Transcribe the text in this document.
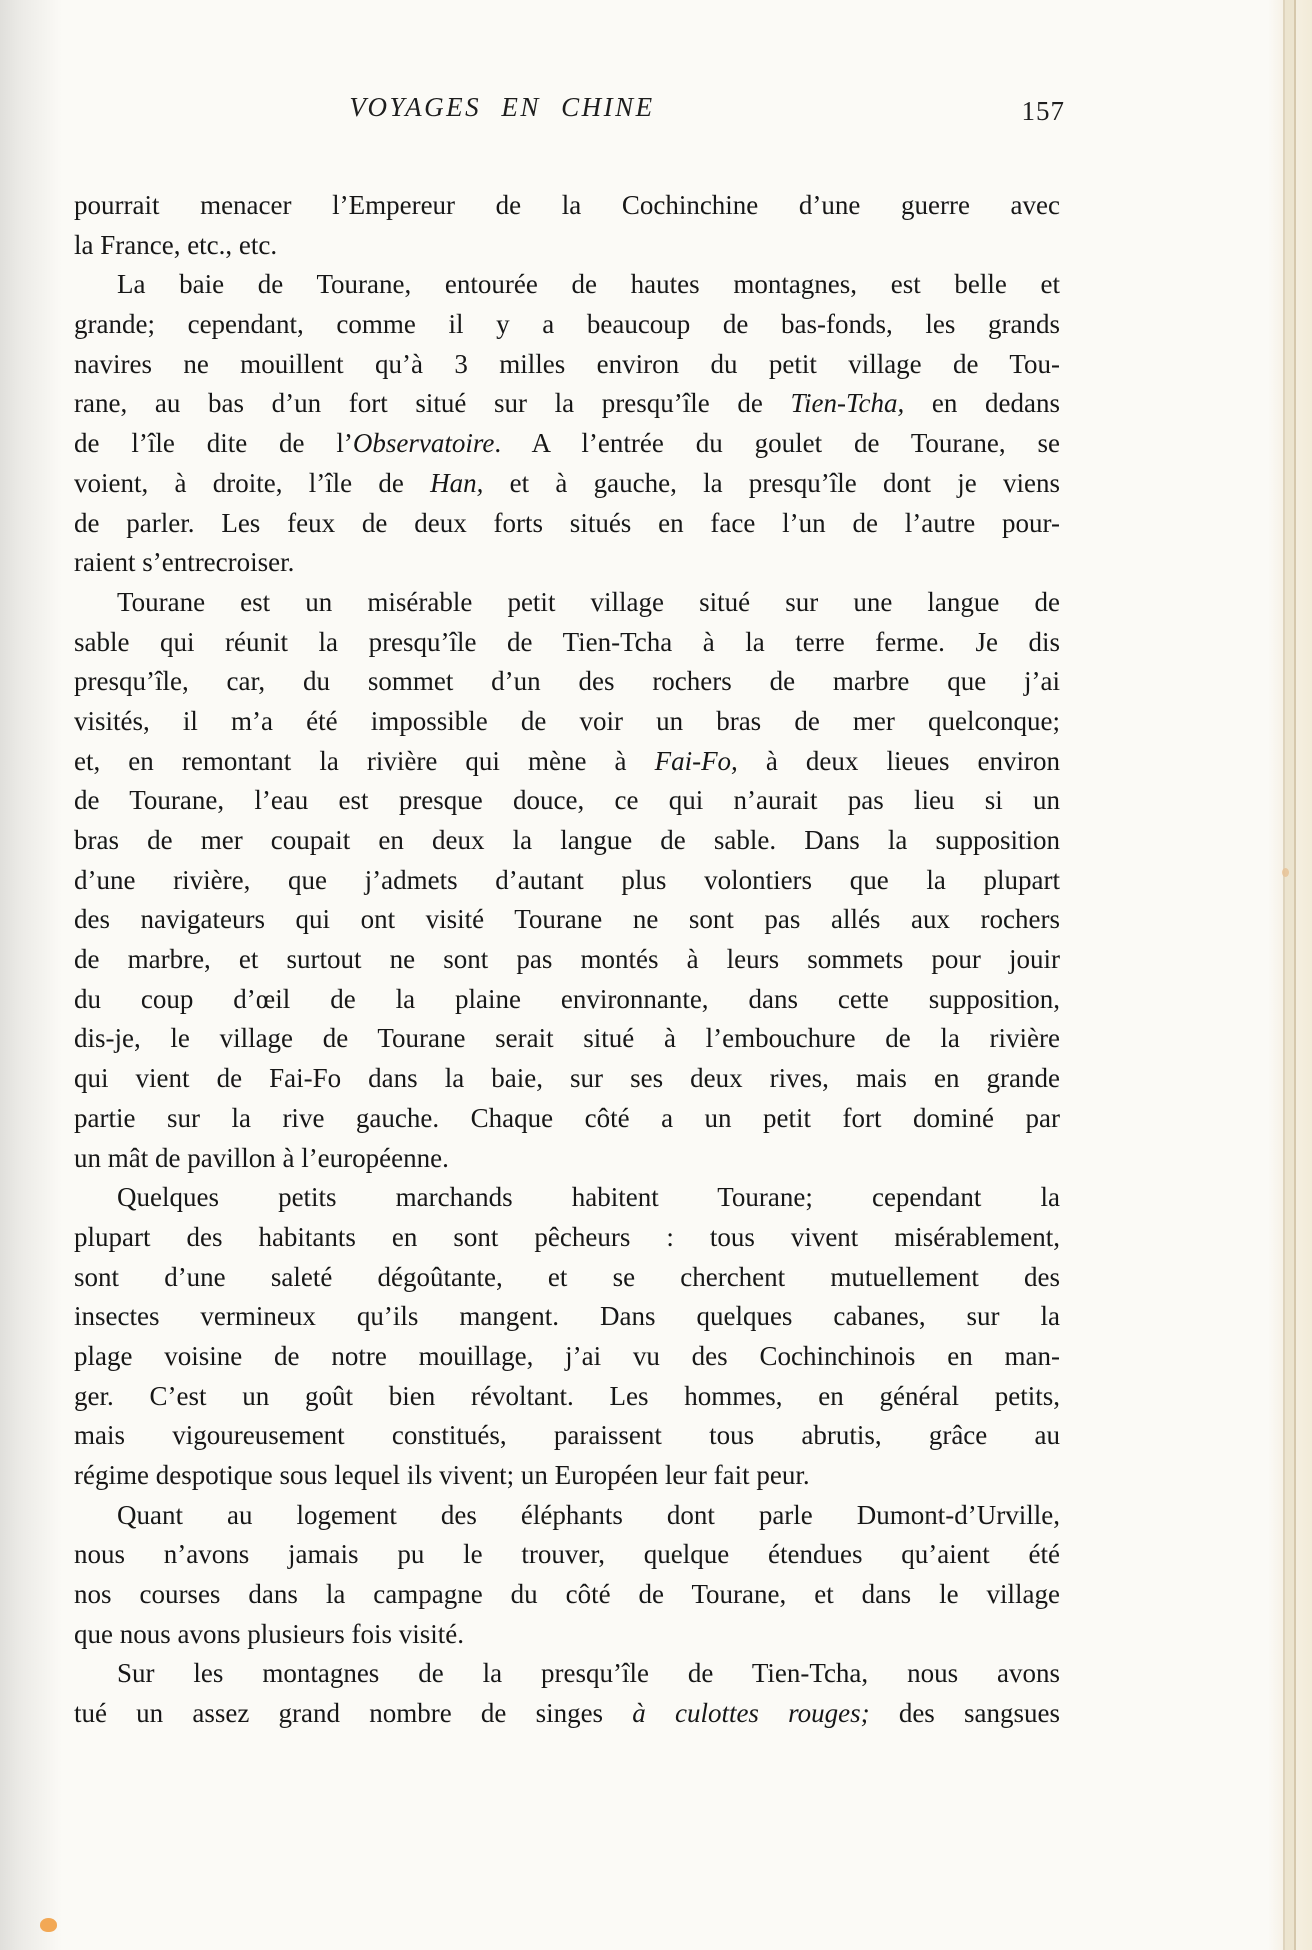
VOYAGES EN CHINE	157
pourrait menacer l’Empereur de la Cochinchine d’une guerre avec
la France, etc., etc.
La baie de Tourane, entourée de hautes montagnes, est belle et
grande; cependant, comme il y a beaucoup de bas-fonds, les grands
navires ne mouillent qu’à 3 milles environ du petit village de Tou-
rane, au bas d’un fort situé sur la presqu’île de Tien-Tcha, en dedans
de l’île dite de l’Observatoire. A l’entrée du goulet de Tourane, se
voient, à droite, l’île de Han, et à gauche, la presqu’île dont je viens
de parler. Les feux de deux forts situés en face l’un de l’autre pour-
raient s’entrecroiser.
Tourane est un misérable petit village situé sur une langue de
sable qui réunit la presqu’île de Tien-Tcha à la terre ferme. Je dis
presqu’île, car, du sommet d’un des rochers de marbre que j’ai
visités, il m’a été impossible de voir un bras de mer quelconque;
et, en remontant la rivière qui mène à Fai-Fo, à deux lieues environ
de Tourane, l’eau est presque douce, ce qui n’aurait pas lieu si un
bras de mer coupait en deux la langue de sable. Dans la supposition
d’une rivière, que j’admets d’autant plus volontiers que la plupart
des navigateurs qui ont visité Tourane ne sont pas allés aux rochers
de marbre, et surtout ne sont pas montés à leurs sommets pour jouir
du coup d’œil de la plaine environnante, dans cette supposition,
dis-je, le village de Tourane serait situé à l’embouchure de la rivière
qui vient de Fai-Fo dans la baie, sur ses deux rives, mais en grande
partie sur la rive gauche. Chaque côté a un petit fort dominé par
un mât de pavillon à l’européenne.
Quelques petits marchands habitent Tourane; cependant la
plupart des habitants en sont pêcheurs : tous vivent misérablement,
sont d’une saleté dégoûtante, et se cherchent mutuellement des
insectes vermineux qu’ils mangent. Dans quelques cabanes, sur la
plage voisine de notre mouillage, j’ai vu des Cochinchinois en man-
ger. C’est un goût bien révoltant. Les hommes, en général petits,
mais vigoureusement constitués, paraissent tous abrutis, grâce au
régime despotique sous lequel ils vivent; un Européen leur fait peur.
Quant au logement des éléphants dont parle Dumont-d’Urville,
nous n’avons jamais pu le trouver, quelque étendues qu’aient été
nos courses dans la campagne du côté de Tourane, et dans le village
que nous avons plusieurs fois visité.
Sur les montagnes de la presqu’île de Tien-Tcha, nous avons
tué un assez grand nombre de singes à culottes rouges; des sangsues
